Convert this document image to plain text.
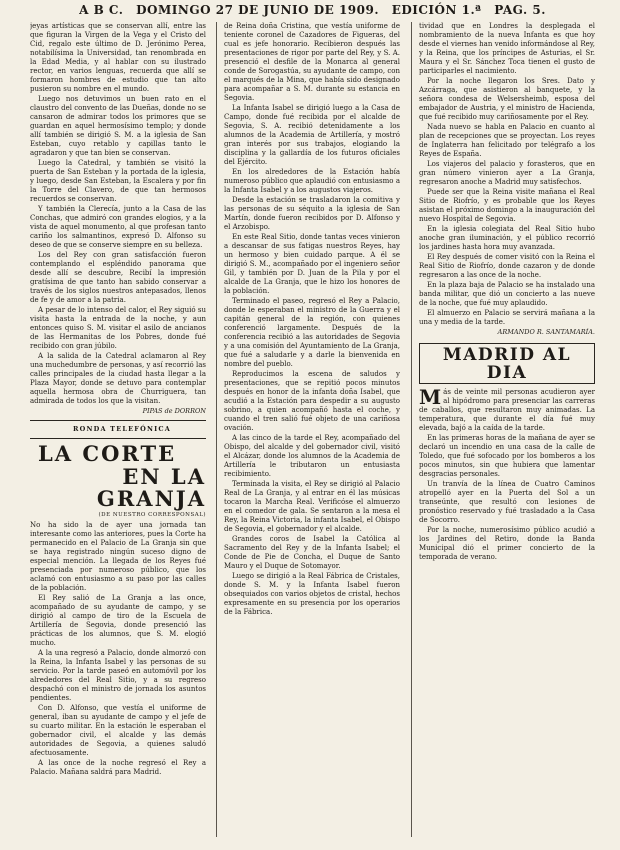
A B C. DOMINGO 27 DE JUNIO DE 1909. EDICIÓN 1.ª PAG. 5.

jeyas artísticas que se conservan allí, entre las que figuran la Virgen de la Vega y el Cristo del Cid, regalo este último de D. Jerónimo Perea, notabilísima la Universidad, tan renombrada en la Edad Media, y al hablar con su ilustrado rector, en varios lenguas, recuerda que allí se formaron hombres de estudio que tan alto pusieron su nombre en el mundo.

Luego nos detuvimos un buen rato en el claustro del convento de las Dueñas, donde no se cansaron de admirar todos los primores que se guardan en aquel hermosísimo templo; y donde allí también se dirigió S. M. a la iglesia de San Esteban, cuyo retablo y capillas tanto le agradaron y que tan bien se conservan.

Luego la Catedral, y también se visitó la puerta de San Esteban y la portada de la iglesia, y luego, desde San Esteban, la Escalera y por fin la Torre del Clavero, de que tan hermosos recuerdos se conservan.

Y también la Clerecía, junto a la Casa de las Conchas, que admiró con grandes elogios, y a la vista de aquel monumento, al que profesan tanto cariño los salmantinos, expresó D. Alfonso su deseo de que se conserve siempre en su belleza.

Los del Rey con gran satisfacción fueron contemplando el espléndido panorama que desde allí se descubre, Recibí la impresión gratísima de que tanto han sabido conservar a través de los siglos nuestros antepasados, llenos de fe y de amor a la patria.

A pesar de lo intenso del calor, el Rey siguió su visita hasta la entrada de la noche, y aun entonces quiso S. M. visitar el asilo de ancianos de las Hermanitas de los Pobres, donde fué recibido con gran júbilo.

A la salida de la Catedral aclamaron al Rey una muchedumbre de personas, y así recorrió las calles principales de la ciudad hasta llegar a la Plaza Mayor, donde se detuvo para contemplar aquella hermosa obra de Churriguera, tan admirada de todos los que la visitan.

PIPAS de DORRON

RONDA TELEFÓNICA

LA CORTE

EN LA GRANJA

(DE NUESTRO CORRESPONSAL)

No ha sido la de ayer una jornada tan interesante como las anteriores, pues la Corte ha permanecido en el Palacio de La Granja sin que se haya registrado ningún suceso digno de especial mención. La llegada de los Reyes fué presenciada por numeroso público, que los aclamó con entusiasmo a su paso por las calles de la población.

El Rey salió de La Granja a las once, acompañado de su ayudante de campo, y se dirigió al campo de tiro de la Escuela de Artillería de Segovia, donde presenció las prácticas de los alumnos, que S. M. elogió mucho.

A la una regresó a Palacio, donde almorzó con la Reina, la Infanta Isabel y las personas de su servicio. Por la tarde paseó en automóvil por los alrededores del Real Sitio, y a su regreso despachó con el ministro de jornada los asuntos pendientes.

Con D. Alfonso, que vestía el uniforme de general, iban su ayudante de campo y el jefe de su cuarto militar. En la estación le esperaban el gobernador civil, el alcalde y las demás autoridades de Segovia, a quienes saludó afectuosamente.

A las once de la noche regresó el Rey a Palacio. Mañana saldrá para Madrid.

de Reina doña Cristina, que vestía uniforme de teniente coronel de Cazadores de Figueras, del cual es jefe honorario. Recibieron después las presentaciones de rigor por parte del Rey, y S. A. presenció el desfile de la Monarca al general conde de Sorogastúa, su ayudante de campo, con el marqués de la Mina, que había sido designado para acompañar a S. M. durante su estancia en Segovia.

La Infanta Isabel se dirigió luego a la Casa de Campo, donde fué recibida por el alcalde de Segovia, S. A. recibió detenidamente a los alumnos de la Academia de Artillería, y mostró gran interés por sus trabajos, elogiando la disciplina y la gallardía de los futuros oficiales del Ejército.

En los alrededores de la Estación había numeroso público que aplaudió con entusiasmo a la Infanta Isabel y a los augustos viajeros.

Desde la estación se trasladaron la comitiva y las personas de su séquito a la iglesia de San Martín, donde fueron recibidos por D. Alfonso y el Arzobispo.

En este Real Sitio, donde tantas veces vinieron a descansar de sus fatigas nuestros Reyes, hay un hermoso y bien cuidado parque. A él se dirigió S. M., acompañado por el ingeniero señor Gil, y también por D. Juan de la Pila y por el alcalde de La Granja, que le hizo los honores de la población.

Terminado el paseo, regresó el Rey a Palacio, donde le esperaban el ministro de la Guerra y el capitán general de la región, con quienes conferenció largamente. Después de la conferencia recibió a las autoridades de Segovia y a una comisión del Ayuntamiento de La Granja, que fué a saludarle y a darle la bienvenida en nombre del pueblo.

Reproducimos la escena de saludos y presentaciones, que se repitió pocos minutos después en honor de la infanta doña Isabel, que acudió a la Estación para despedir a su augusto sobrino, a quien acompañó hasta el coche, y cuando el tren salió fué objeto de una cariñosa ovación.

A las cinco de la tarde el Rey, acompañado del Obispo, del alcalde y del gobernador civil, visitó el Alcázar, donde los alumnos de la Academia de Artillería le tributaron un entusiasta recibimiento.

Terminada la visita, el Rey se dirigió al Palacio Real de La Granja, y al entrar en él las músicas tocaron la Marcha Real. Verificóse el almuerzo en el comedor de gala. Se sentaron a la mesa el Rey, la Reina Victoria, la infanta Isabel, el Obispo de Segovia, el gobernador y el alcalde.

Grandes coros de Isabel la Católica al Sacramento del Rey y de la Infanta Isabel; el Conde de Pie de Concha, el Duque de Santo Mauro y el Duque de Sotomayor.

Luego se dirigió a la Real Fábrica de Cristales, donde S. M. y la Infanta Isabel fueron obsequiados con varios objetos de cristal, hechos expresamente en su presencia por los operarios de la Fábrica.

tividad que en Londres la desplegada el nombramiento de la nueva Infanta es que hoy desde el viernes han venido informándose al Rey, y la Reina, que los príncipes de Asturias, el Sr. Maura y el Sr. Sánchez Toca tienen el gusto de participarles el nacimiento.

Por la noche llegaron los Sres. Dato y Azcárraga, que asistieron al banquete, y la señora condesa de Welsersheimb, esposa del embajador de Austria, y el ministro de Hacienda, que fué recibido muy cariñosamente por el Rey.

Nada nuevo se habla en Palacio en cuanto al plan de recepciones que se proyectan. Los reyes de Inglaterra han felicitado por telégrafo a los Reyes de España.

Los viajeros del palacio y forasteros, que en gran número vinieron ayer a La Granja, regresaron anoche a Madrid muy satisfechos.

Puede ser que la Reina visite mañana el Real Sitio de Riofrío, y es probable que los Reyes asistan el próximo domingo a la inauguración del nuevo Hospital de Segovia.

En la iglesia colegiata del Real Sitio hubo anoche gran iluminación, y el público recorrió los jardines hasta hora muy avanzada.

El Rey después de comer visitó con la Reina el Real Sitio de Riofrío, donde cazaron y de donde regresaron a las once de la noche.

En la plaza baja de Palacio se ha instalado una banda militar, que dió un concierto a las nueve de la noche, que fué muy aplaudido.

El almuerzo en Palacio se servirá mañana a la una y media de la tarde.

ARMANDO R. SANTAMARÍA.

MADRID AL DIA

Más de veinte mil personas acudieron ayer al hipódromo para presenciar las carreras de caballos, que resultaron muy animadas. La temperatura, que durante el día fué muy elevada, bajó a la caída de la tarde.

En las primeras horas de la mañana de ayer se declaró un incendio en una casa de la calle de Toledo, que fué sofocado por los bomberos a los pocos minutos, sin que hubiera que lamentar desgracias personales.

Un tranvía de la línea de Cuatro Caminos atropelló ayer en la Puerta del Sol a un transeúnte, que resultó con lesiones de pronóstico reservado y fué trasladado a la Casa de Socorro.

Por la noche, numerosísimo público acudió a los Jardines del Retiro, donde la Banda Municipal dió el primer concierto de la temporada de verano.
